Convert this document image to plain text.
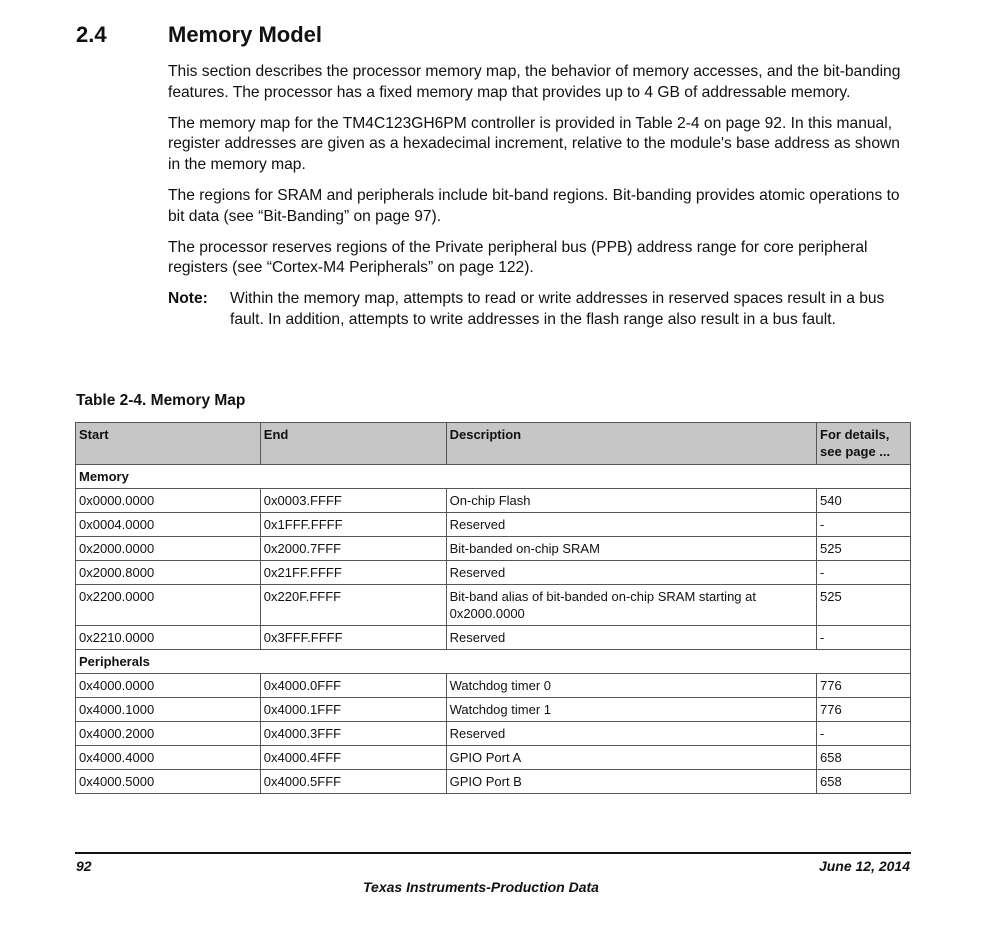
2.4	Memory Model

This section describes the processor memory map, the behavior of memory accesses, and the bit-banding features. The processor has a fixed memory map that provides up to 4 GB of addressable memory.

The memory map for the TM4C123GH6PM controller is provided in Table 2-4 on page 92. In this manual, register addresses are given as a hexadecimal increment, relative to the module's base address as shown in the memory map.

The regions for SRAM and peripherals include bit-band regions. Bit-banding provides atomic operations to bit data (see “Bit-Banding” on page 97).

The processor reserves regions of the Private peripheral bus (PPB) address range for core peripheral registers (see “Cortex-M4 Peripherals” on page 122).

Note:	Within the memory map, attempts to read or write addresses in reserved spaces result in a bus fault. In addition, attempts to write addresses in the flash range also result in a bus fault.
Table 2-4. Memory Map
Start	End	Description	For details, see page ...
Memory			
0x0000.0000	0x0003.FFFF	On-chip Flash	540
0x0004.0000	0x1FFF.FFFF	Reserved	-
0x2000.0000	0x2000.7FFF	Bit-banded on-chip SRAM	525
0x2000.8000	0x21FF.FFFF	Reserved	-
0x2200.0000	0x220F.FFFF	Bit-band alias of bit-banded on-chip SRAM starting at 0x2000.0000	525
0x2210.0000	0x3FFF.FFFF	Reserved	-
Peripherals			
0x4000.0000	0x4000.0FFF	Watchdog timer 0	776
0x4000.1000	0x4000.1FFF	Watchdog timer 1	776
0x4000.2000	0x4000.3FFF	Reserved	-
0x4000.4000	0x4000.4FFF	GPIO Port A	658
0x4000.5000	0x4000.5FFF	GPIO Port B	658
92	June 12, 2014
Texas Instruments-Production Data
